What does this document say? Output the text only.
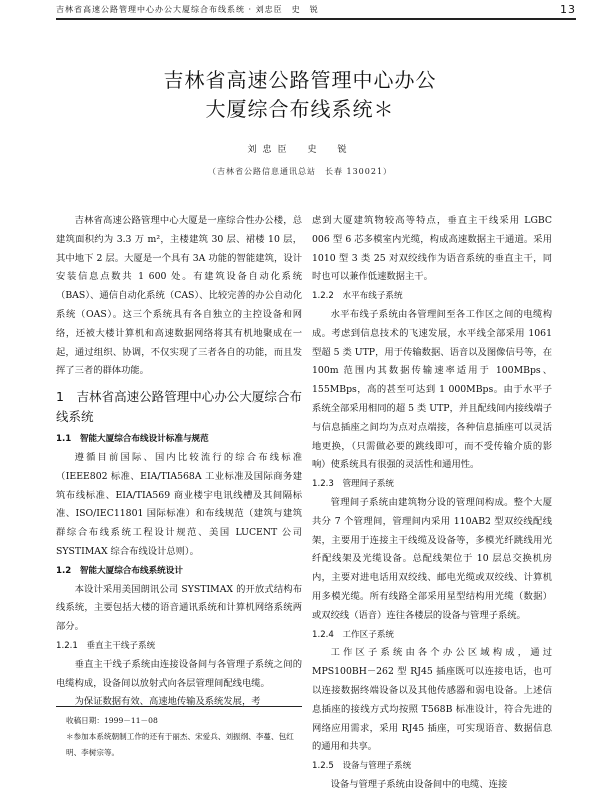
吉林省高速公路管理中心办公大厦综合布线系统 · 刘忠臣　史　锐	13
吉林省高速公路管理中心办公
大厦综合布线系统＊
刘忠臣　史　锐
（吉林省公路信息通讯总站　长春 130021）

吉林省高速公路管理中心大厦是一座综合性办公楼，总建筑面积约为 3.3 万 m²，主楼建筑 30 层、裙楼 10 层，其中地下 2 层。大厦是一个具有 3A 功能的智能建筑，设计安装信息点数共 1 600 处。有建筑设备自动化系统（BAS）、通信自动化系统（CAS）、比较完善的办公自动化系统（OAS）。这三个系统具有各自独立的主控设备和网络，还被大楼计算机和高速数据网络将其有机地聚成在一起，通过组织、协调，不仅实现了三者各自的功能，而且发挥了三者的群体功能。

1　吉林省高速公路管理中心办公大厦综合布线系统
1.1　智能大厦综合布线设计标准与规范

遵循目前国际、国内比较流行的综合布线标准（IEEE802 标准、EIA/TIA568A 工业标准及国际商务建筑布线标准、EIA/TIA569 商业楼宇电讯线槽及其间隔标准、ISO/IEC11801 国际标准）和布线规范（建筑与建筑群综合布线系统工程设计规范、美国 LUCENT 公司 SYSTIMAX 综合布线设计总则）。

1.2　智能大厦综合布线系统设计

本设计采用美国朗讯公司 SYSTIMAX 的开放式结构布线系统，主要包括大楼的语音通讯系统和计算机网络系统两部分。

1.2.1　垂直主干线子系统

垂直主干线子系统由连接设备间与各管理子系统之间的电缆构成，设备间以放射式向各层管理间配线电缆。

为保证数据有效、高速地传输及系统发展，考

收稿日期：1999－11－08
＊参加本系统朝制工作的还有于丽杰、宋爱兵、刘振纲、李蔓、包红明、李树宗等。

虑到大厦建筑物较高等特点，垂直主干线采用 LGBC　006 型 6 芯多模室内光缆，构成高速数据主干通道。采用 1010 型 3 类 25 对双绞线作为语音系统的垂直主干，同时也可以兼作低速数据主干。

1.2.2　水平布线子系统

水平布线子系统由各管理间至各工作区之间的电缆构成。考虑到信息技术的飞速发展，水平线全部采用 1061 型超 5 类 UTP，用于传输数据、语音以及图像信号等，在 100m 范围内其数据传输速率适用于 100MBps、155MBps，高的甚至可达到 1 000MBps。由于水平子系统全部采用相同的超 5 类 UTP，并且配线间内接线端子与信息插座之间均为点对点端接，各种信息插座可以灵活地更换，（只需做必要的跳线即可，而不受传输介质的影响）使系统具有很强的灵活性和通用性。

1.2.3　管理间子系统

管理间子系统由建筑物分设的管理间构成。整个大厦共分 7 个管理间，管理间内采用 110AB2 型双绞线配线架，主要用于连接主干线缆及设备等，多模光纤跳线用光纤配线架及光缆设备。总配线架位于 10 层总交换机房内，主要对进电话用双绞线、邮电光缆或双绞线、计算机用多模光缆。所有线路全部采用星型结构用光缆（数据）或双绞线（语音）连往各楼层的设备与管理子系统。

1.2.4　工作区子系统

工作区子系统由各个办公区域构成，通过 MPS100BH－262 型 RJ45 插座既可以连接电话，也可以连接数据终端设备以及其他传感器和弱电设备。上述信息插座的接线方式均按照 T568B 标准设计，符合先进的网络应用需求，采用 RJ45 插座，可实现语音、数据信息的通用和共享。

1.2.5　设备与管理子系统

设备与管理子系统由设备间中的电缆、连接
